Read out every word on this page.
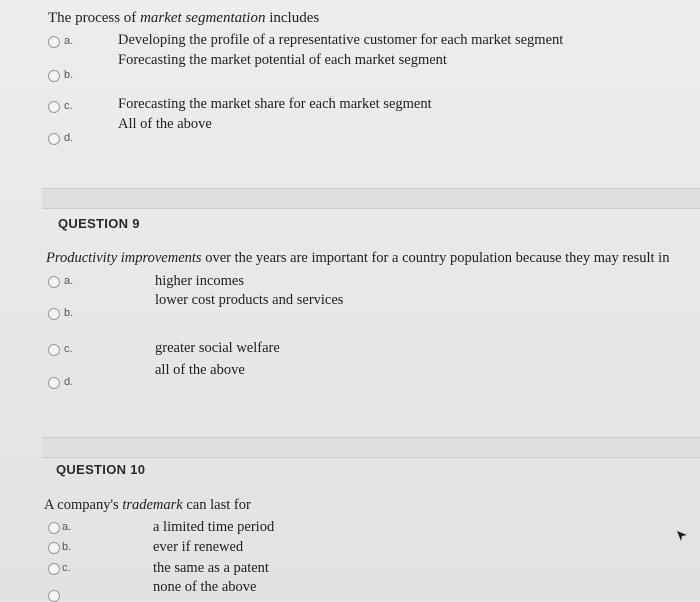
The process of market segmentation includes
a.	Developing the profile of a representative customer for each market segment
Forecasting the market potential of each market segment
b.
c.	Forecasting the market share for each market segment
All of the above
d.
QUESTION 9
Productivity improvements over the years are important for a country population because they may result in
a.	higher incomes
lower cost products and services
b.
c.	greater social welfare
all of the above
d.
QUESTION 10
A company's trademark can last for
a.	a limited time period
b.	ever if renewed
c.	the same as a patent
none of the above
